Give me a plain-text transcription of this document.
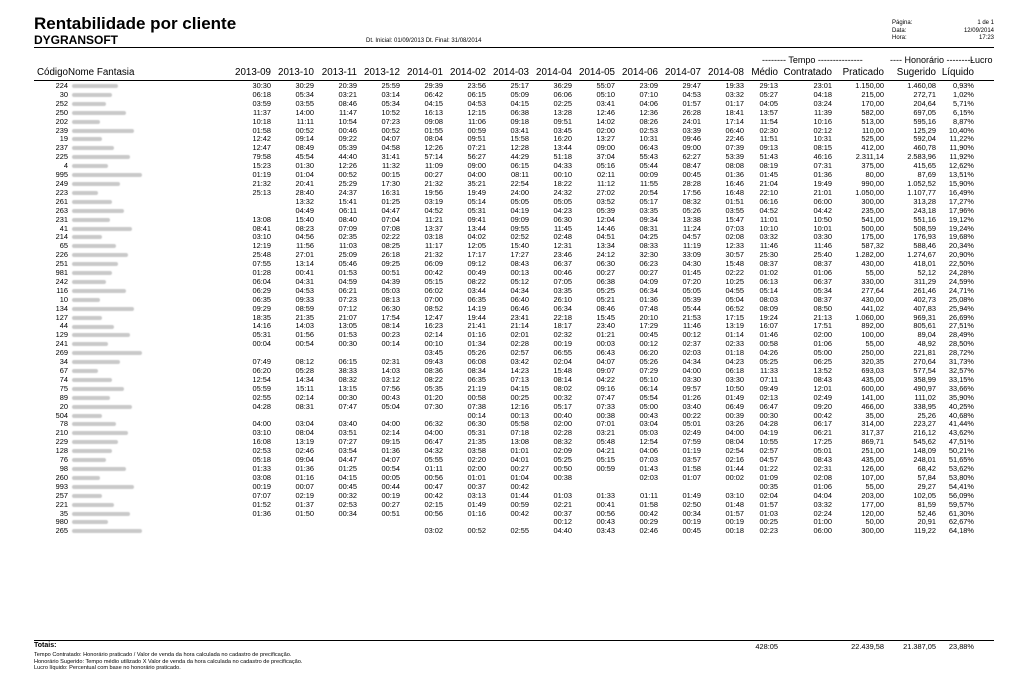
Rentabilidade por cliente
DYGRANSOFT	Dt. Inicial: 01/09/2013 Dt. Final: 31/08/2014
Página:	1 de 1
Data:	12/09/2014
Hora:	17:23
-------- Tempo ---------------	---- Honorário ---------
Lucro
Código	Nome Fantasia	2013-09	2013-10	2013-11	2013-12	2014-01	2014-02	2014-03	2014-04	2014-05	2014-06	2014-07	2014-08	Médio	Contratado	Praticado	Sugerido	Líquido
224		30:30	30:29	20:39	25:59	29:39	23:56	25:17	36:29	55:07	23:09	29:47	19:33	29:13	23:01	1.150,00	1.460,08	0,93%
30		06:18	05:34	03:21	03:14	06:42	06:15	05:09	06:06	05:10	07:10	04:53	03:32	05:27	04:18	215,00	272,71	1,02%
252		03:59	03:55	08:46	05:34	04:15	04:53	04:15	02:25	03:41	04:06	01:57	01:17	04:05	03:24	170,00	204,64	5,71%
250		11:37	14:00	11:47	10:52	16:13	12:15	06:38	13:28	12:46	12:36	26:28	18:41	13:57	11:39	582,00	697,05	6,15%
202		10:18	11:11	10:54	07:23	09:08	11:06	09:18	09:51	14:02	08:26	24:01	17:14	11:54	10:16	513,00	595,16	8,87%
239		01:58	00:52	00:46	00:52	01:55	00:59	03:41	03:45	02:00	02:53	03:39	06:40	02:30	02:12	110,00	125,29	10,40%
19		12:42	09:14	09:22	04:07	08:04	09:51	15:58	16:20	13:27	10:31	09:46	22:46	11:51	10:31	525,00	592,04	11,22%
237		12:47	08:49	05:39	04:58	12:26	07:21	12:28	13:44	09:00	06:43	09:00	07:39	09:13	08:15	412,00	460,78	11,90%
225		79:58	45:54	44:40	31:41	57:14	56:27	44:29	51:18	37:04	55:43	62:27	53:39	51:43	46:16	2.311,14	2.583,96	11,92%
4		15:23	01:30	12:26	11:32	11:09	09:00	06:15	04:33	05:16	05:44	08:47	08:08	08:19	07:31	375,00	415,65	12,62%
995		01:19	01:04	00:52	00:15	00:27	04:00	08:11	00:10	02:11	00:09	00:45	01:36	01:45	01:36	80,00	87,69	13,51%
249		21:32	20:41	25:29	17:30	21:32	35:21	22:54	18:22	11:12	11:55	28:28	16:46	21:04	19:49	990,00	1.052,52	15,90%
223		25:13	28:40	24:37	16:31	19:56	19:49	24:00	24:32	27:02	20:54	17:56	16:48	22:10	21:01	1.050,00	1.107,77	16,49%
261			13:32	15:41	01:25	03:19	05:14	05:05	05:05	03:52	05:17	08:32	01:51	06:16	06:00	300,00	313,28	17,27%
263			04:49	06:11	04:47	04:52	05:31	04:19	04:23	05:39	03:35	05:26	03:55	04:52	04:42	235,00	243,18	17,96%
231		13:08	15:40	08:40	07:04	11:21	09:41	09:09	06:30	12:04	09:34	13:38	15:47	11:01	10:50	541,00	551,16	19,12%
41		08:41	08:23	07:09	07:08	13:37	13:44	09:55	11:45	14:46	08:31	11:24	07:03	10:10	10:01	500,00	508,59	19,24%
214		03:10	04:56	02:35	02:22	03:18	04:02	02:52	02:48	04:51	04:25	04:57	02:08	03:32	03:30	175,00	176,93	19,68%
65		12:19	11:56	11:03	08:25	11:17	12:05	15:40	12:31	13:34	08:33	11:19	12:33	11:46	11:46	587,32	588,46	20,34%
226		25:48	27:01	25:09	26:18	21:32	17:17	17:27	23:46	24:12	32:30	33:09	30:57	25:30	25:40	1.282,00	1.274,67	20,90%
251		07:55	13:14	05:46	09:25	06:09	09:12	08:43	06:37	06:30	06:23	04:30	15:48	08:37	08:37	430,00	418,01	22,50%
981		01:28	00:41	01:53	00:51	00:42	00:49	00:13	00:46	00:27	00:27	01:45	02:22	01:02	01:06	55,00	52,12	24,28%
242		06:04	04:31	04:59	04:39	05:15	08:22	05:12	07:05	06:38	04:09	07:20	10:25	06:13	06:37	330,00	311,29	24,59%
116		06:29	04:53	06:21	05:03	06:02	03:44	04:34	03:35	05:25	06:34	05:05	04:55	05:14	05:34	277,64	261,46	24,71%
10		06:35	09:33	07:23	08:13	07:00	06:35	06:40	26:10	05:21	01:36	05:39	05:04	08:03	08:37	430,00	402,73	25,08%
134		09:29	08:59	07:12	06:30	08:52	14:19	06:46	06:34	08:46	07:48	05:44	06:52	08:09	08:50	441,02	407,83	25,94%
127		18:35	21:35	21:07	17:54	12:47	19:44	23:41	22:18	15:45	20:10	21:53	17:15	19:24	21:13	1.060,00	969,31	26,69%
44		14:16	14:03	13:05	08:14	16:23	21:41	21:14	18:17	23:40	17:29	11:46	13:19	16:07	17:51	892,00	805,61	27,51%
129		05:31	01:56	01:53	00:23	02:14	01:16	02:01	02:32	01:21	00:45	00:12	01:14	01:46	02:00	100,00	89,04	28,49%
241		00:04	00:54	00:30	00:14	00:10	01:34	02:28	00:19	00:03	00:12	02:37	02:33	00:58	01:06	55,00	48,92	28,50%
269						03:45	05:26	02:57	06:55	06:43	06:20	02:03	01:18	04:26	05:00	250,00	221,81	28,72%
34		07:49	08:12	06:15	02:31	09:43	06:08	03:42	02:04	04:07	05:26	04:34	04:23	05:25	06:25	320,35	270,64	31,73%
67		06:20	05:28	38:33	14:03	08:36	08:34	14:23	15:48	09:07	07:29	04:00	06:18	11:33	13:52	693,03	577,54	32,57%
74		12:54	14:34	08:32	03:12	08:22	06:35	07:13	08:14	04:22	05:10	03:30	03:30	07:11	08:43	435,00	358,99	33,15%
75		05:59	15:11	13:15	07:56	05:35	21:19	04:15	08:02	09:16	06:14	09:57	10:50	09:49	12:01	600,00	490,97	33,66%
89		02:55	02:14	00:30	00:43	01:20	00:58	00:25	00:32	07:47	05:54	01:26	01:49	02:13	02:49	141,00	111,02	35,90%
20		04:28	08:31	07:47	05:04	07:30	07:38	12:16	05:17	07:33	05:00	03:40	06:49	06:47	09:20	466,00	338,95	40,25%
504							00:14	00:13	00:40	00:38	00:43	00:22	00:39	00:30	00:42	35,00	25,26	40,68%
78		04:00	03:04	03:40	04:00	06:32	06:30	05:58	02:00	07:01	03:04	05:01	03:26	04:28	06:17	314,00	223,27	41,44%
210		03:10	08:04	03:51	02:14	04:00	05:31	07:18	02:28	03:21	05:03	02:49	04:00	04:19	06:21	317,37	216,12	43,62%
229		16:08	13:19	07:27	09:15	06:47	21:35	13:08	08:32	05:48	12:54	07:59	08:04	10:55	17:25	869,71	545,62	47,51%
128		02:53	02:46	03:54	01:36	04:32	03:58	01:01	02:09	04:21	04:06	01:19	02:54	02:57	05:01	251,00	148,09	50,21%
76		05:18	09:04	04:47	04:07	05:55	02:20	04:01	05:25	05:15	07:03	03:57	02:16	04:57	08:43	435,00	248,01	51,65%
98		01:33	01:36	01:25	00:54	01:11	02:00	00:27	00:50	00:59	01:43	01:58	01:44	01:22	02:31	126,00	68,42	53,62%
260		03:08	01:16	04:15	00:05	00:56	01:01	01:04	00:38		02:03	01:07	00:02	01:09	02:08	107,00	57,84	53,80%
993		00:19	00:07	00:45	00:44	00:47	00:37	00:42						00:35	01:06	55,00	29,27	54,41%
257		07:07	02:19	00:32	00:19	00:42	03:13	01:44	01:03	01:33	01:11	01:49	03:10	02:04	04:04	203,00	102,05	56,09%
221		01:52	01:37	02:53	00:27	02:15	01:49	00:59	02:21	00:41	01:58	02:50	01:48	01:57	03:32	177,00	81,59	59,57%
35		01:36	01:50	00:34	00:51	00:56	01:16	00:42	00:37	00:56	00:42	00:34	01:57	01:03	02:24	120,00	52,46	61,30%
980									00:12	00:43	00:29	00:19	00:19	00:25	01:00	50,00	20,91	62,67%
265						03:02	00:52	02:55	04:40	03:43	02:46	00:45	00:18	02:23	06:00	300,00	119,22	64,18%
Totais:
		428:05		22.439,58	21.387,05	23,88%
Tempo Contratado: Honorário praticado / Valor de venda da hora calculada no cadastro de precificação.
Honorário Sugerido: Tempo médio utilizado X Valor de venda da hora calculada no cadastro de precificação.
Lucro líquido: Percentual com base no honorário praticado.
